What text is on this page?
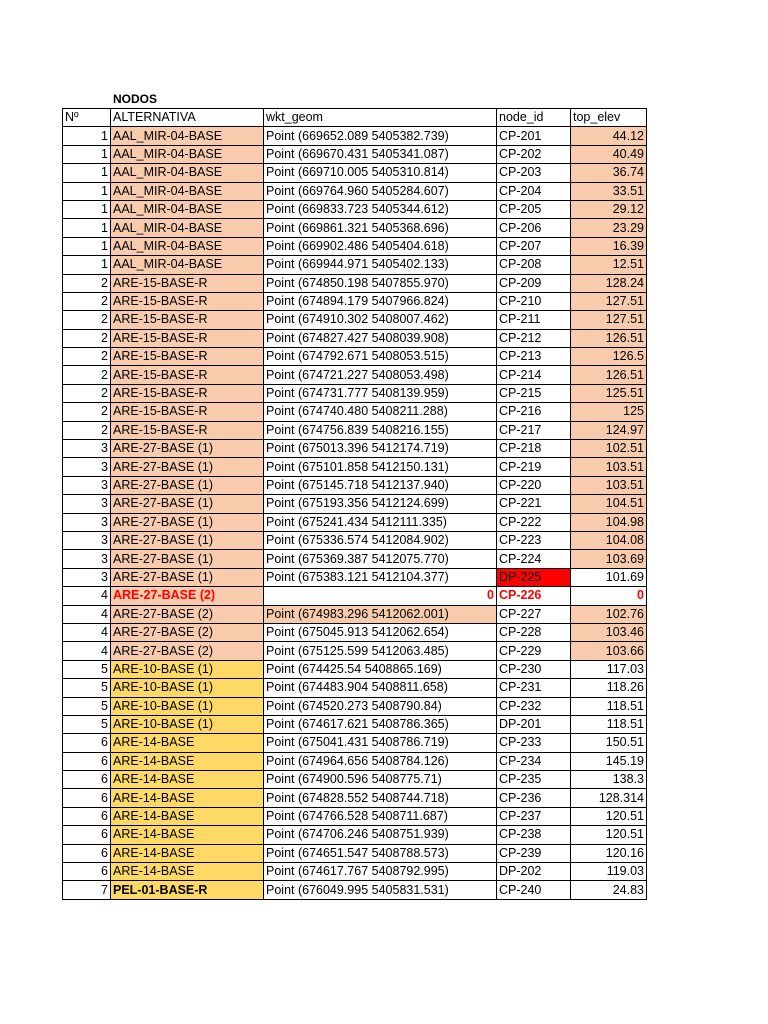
NODOS
Nº	ALTERNATIVA	wkt_geom	node_id	top_elev
1	AAL_MIR-04-BASE	Point (669652.089 5405382.739)	CP-201	44.12
1	AAL_MIR-04-BASE	Point (669670.431 5405341.087)	CP-202	40.49
1	AAL_MIR-04-BASE	Point (669710.005 5405310.814)	CP-203	36.74
1	AAL_MIR-04-BASE	Point (669764.960 5405284.607)	CP-204	33.51
1	AAL_MIR-04-BASE	Point (669833.723 5405344.612)	CP-205	29.12
1	AAL_MIR-04-BASE	Point (669861.321 5405368.696)	CP-206	23.29
1	AAL_MIR-04-BASE	Point (669902.486 5405404.618)	CP-207	16.39
1	AAL_MIR-04-BASE	Point (669944.971 5405402.133)	CP-208	12.51
2	ARE-15-BASE-R	Point (674850.198 5407855.970)	CP-209	128.24
2	ARE-15-BASE-R	Point (674894.179 5407966.824)	CP-210	127.51
2	ARE-15-BASE-R	Point (674910.302 5408007.462)	CP-211	127.51
2	ARE-15-BASE-R	Point (674827.427 5408039.908)	CP-212	126.51
2	ARE-15-BASE-R	Point (674792.671 5408053.515)	CP-213	126.5
2	ARE-15-BASE-R	Point (674721.227 5408053.498)	CP-214	126.51
2	ARE-15-BASE-R	Point (674731.777 5408139.959)	CP-215	125.51
2	ARE-15-BASE-R	Point (674740.480 5408211.288)	CP-216	125
2	ARE-15-BASE-R	Point (674756.839 5408216.155)	CP-217	124.97
3	ARE-27-BASE (1)	Point (675013.396 5412174.719)	CP-218	102.51
3	ARE-27-BASE (1)	Point (675101.858 5412150.131)	CP-219	103.51
3	ARE-27-BASE (1)	Point (675145.718 5412137.940)	CP-220	103.51
3	ARE-27-BASE (1)	Point (675193.356 5412124.699)	CP-221	104.51
3	ARE-27-BASE (1)	Point (675241.434 5412111.335)	CP-222	104.98
3	ARE-27-BASE (1)	Point (675336.574 5412084.902)	CP-223	104.08
3	ARE-27-BASE (1)	Point (675369.387 5412075.770)	CP-224	103.69
3	ARE-27-BASE (1)	Point (675383.121 5412104.377)	DP-225	101.69
4	ARE-27-BASE (2)	0	CP-226	0
4	ARE-27-BASE (2)	Point (674983.296 5412062.001)	CP-227	102.76
4	ARE-27-BASE (2)	Point (675045.913 5412062.654)	CP-228	103.46
4	ARE-27-BASE (2)	Point (675125.599 5412063.485)	CP-229	103.66
5	ARE-10-BASE (1)	Point (674425.54 5408865.169)	CP-230	117.03
5	ARE-10-BASE (1)	Point (674483.904 5408811.658)	CP-231	118.26
5	ARE-10-BASE (1)	Point (674520.273 5408790.84)	CP-232	118.51
5	ARE-10-BASE (1)	Point (674617.621 5408786.365)	DP-201	118.51
6	ARE-14-BASE	Point (675041.431 5408786.719)	CP-233	150.51
6	ARE-14-BASE	Point (674964.656 5408784.126)	CP-234	145.19
6	ARE-14-BASE	Point (674900.596 5408775.71)	CP-235	138.3
6	ARE-14-BASE	Point (674828.552 5408744.718)	CP-236	128.314
6	ARE-14-BASE	Point (674766.528 5408711.687)	CP-237	120.51
6	ARE-14-BASE	Point (674706.246 5408751.939)	CP-238	120.51
6	ARE-14-BASE	Point (674651.547 5408788.573)	CP-239	120.16
6	ARE-14-BASE	Point (674617.767 5408792.995)	DP-202	119.03
7	PEL-01-BASE-R	Point (676049.995 5405831.531)	CP-240	24.83
